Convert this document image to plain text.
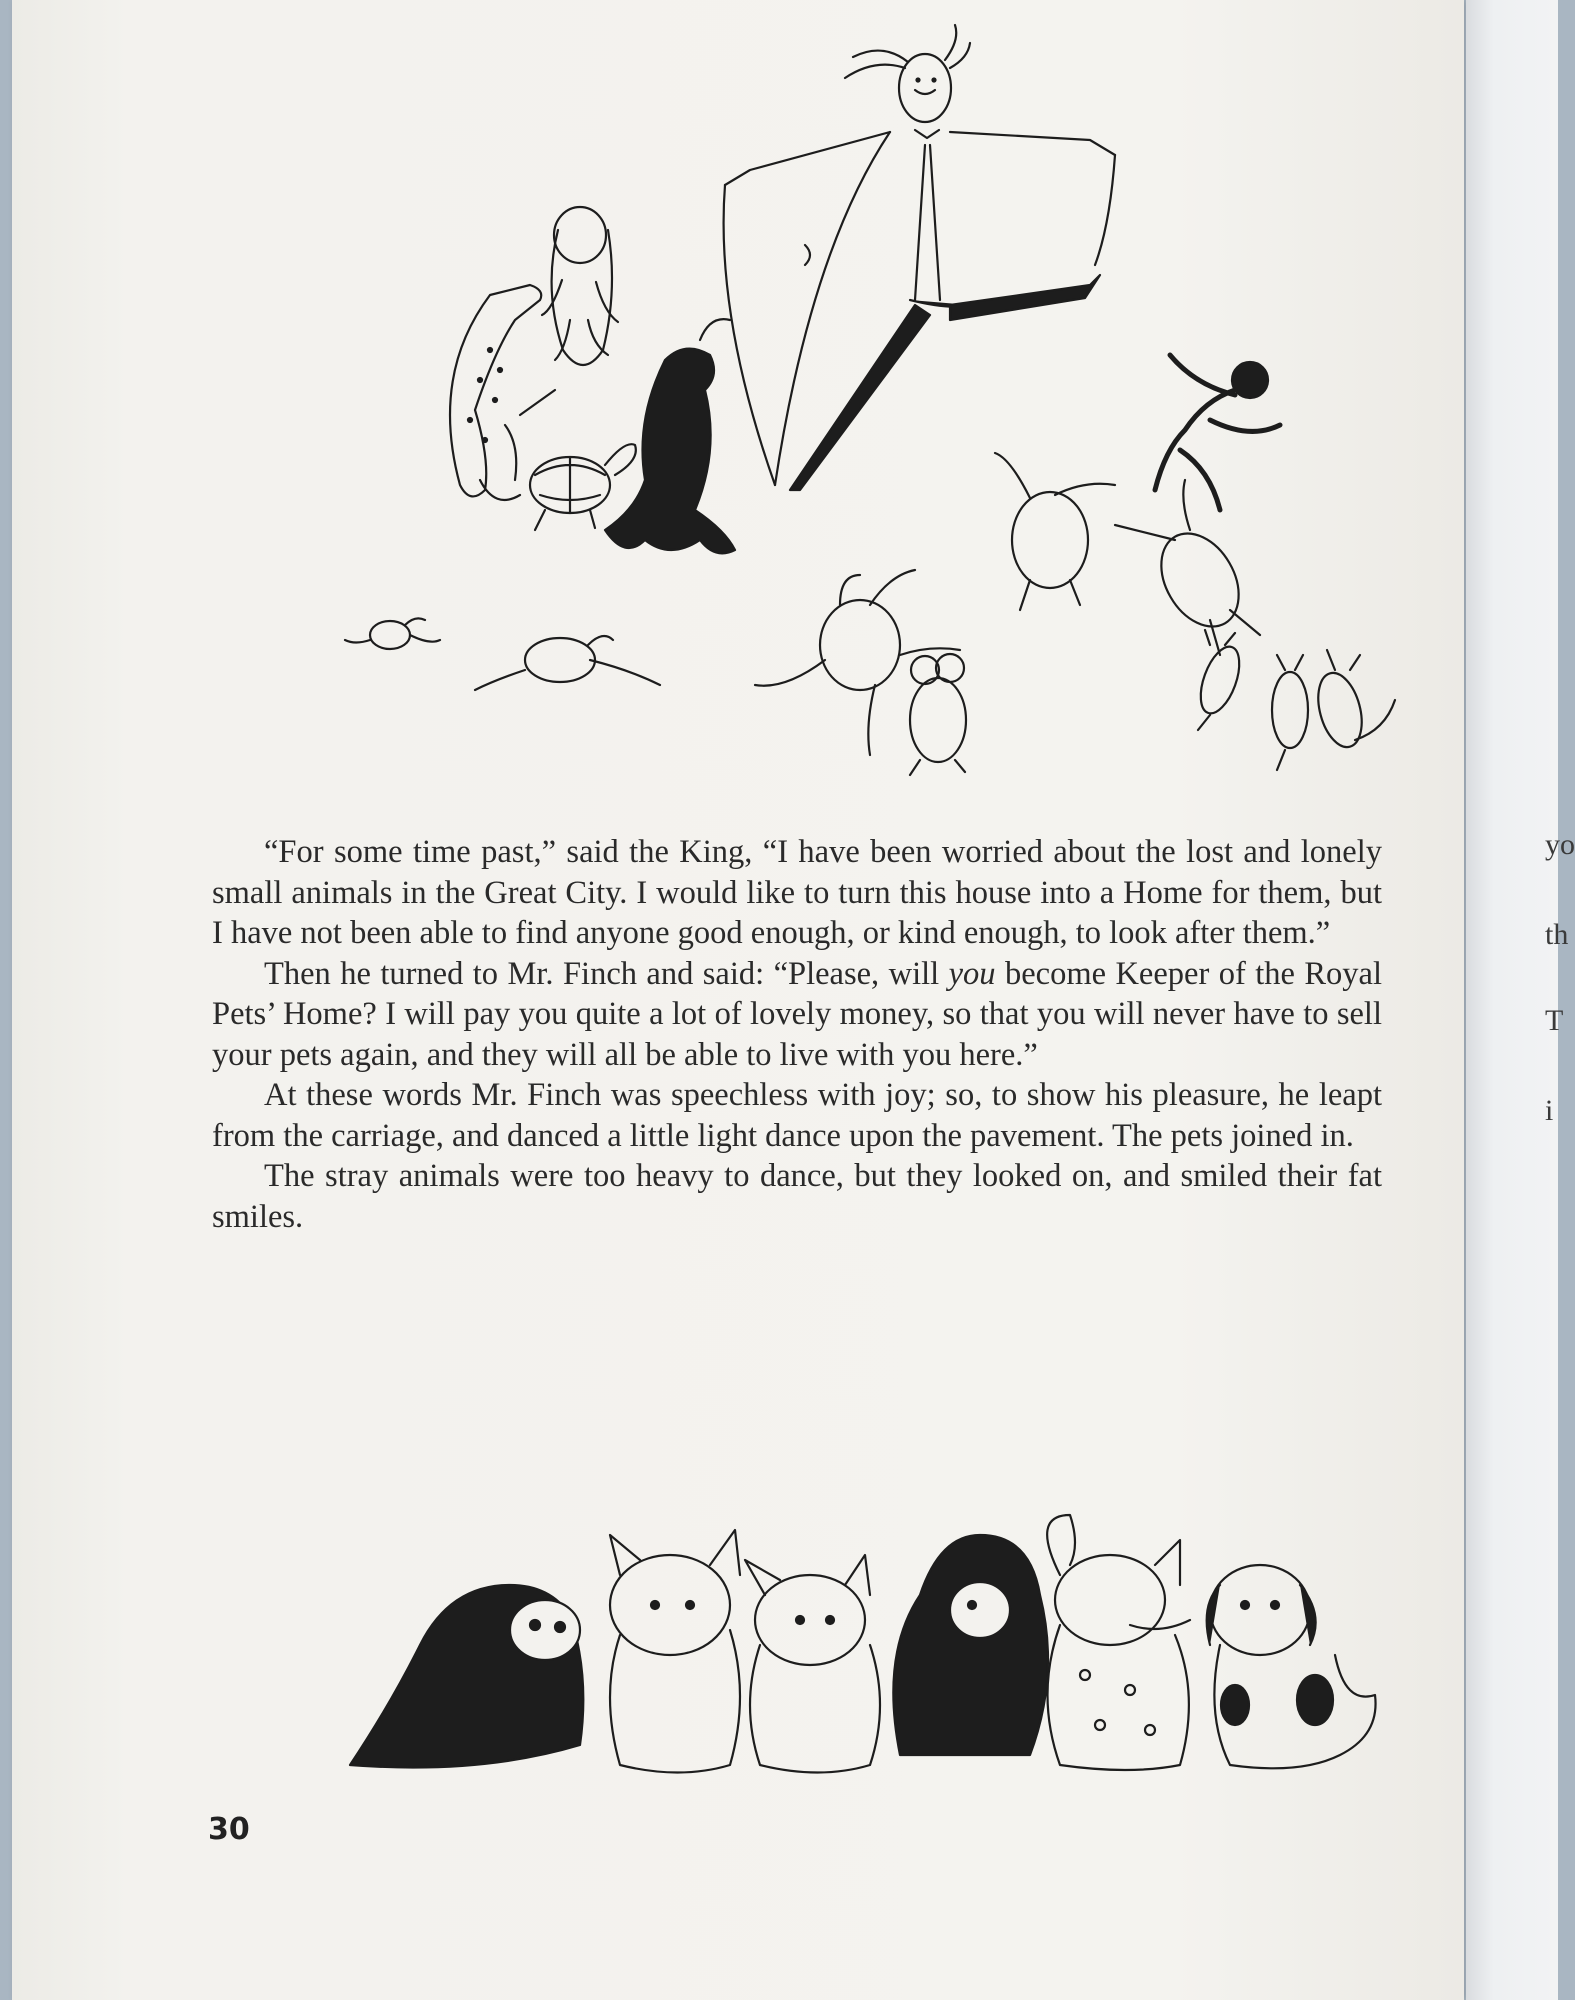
yo
th
T
i

“For some time past,” said the King, “I have been worried about the lost and lonely small animals in the Great City. I would like to turn this house into a Home for them, but I have not been able to find anyone good enough, or kind enough, to look after them.”

Then he turned to Mr. Finch and said: “Please, will you become Keeper of the Royal Pets’ Home? I will pay you quite a lot of lovely money, so that you will never have to sell your pets again, and they will all be able to live with you here.”

At these words Mr. Finch was speechless with joy; so, to show his pleasure, he leapt from the carriage, and danced a little light dance upon the pavement. The pets joined in.

The stray animals were too heavy to dance, but they looked on, and smiled their fat smiles.

30
